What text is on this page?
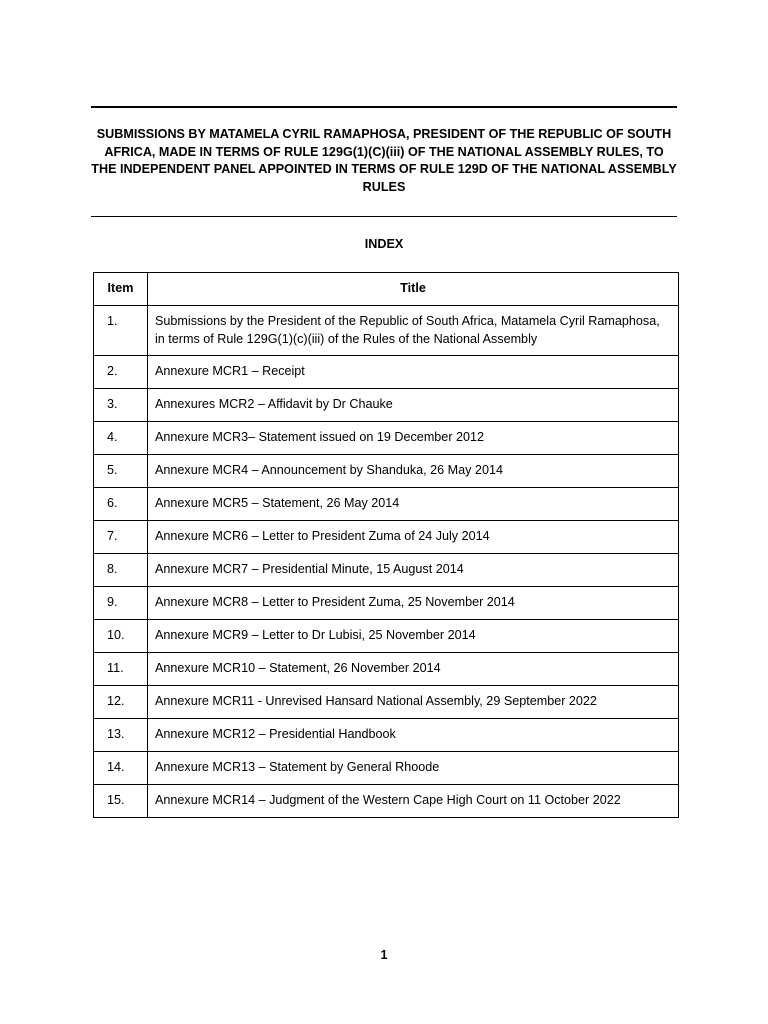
SUBMISSIONS BY MATAMELA CYRIL RAMAPHOSA, PRESIDENT OF THE REPUBLIC OF SOUTH AFRICA, MADE IN TERMS OF RULE 129G(1)(C)(iii) OF THE NATIONAL ASSEMBLY RULES, TO THE INDEPENDENT PANEL APPOINTED IN TERMS OF RULE 129D OF THE NATIONAL ASSEMBLY RULES
INDEX
Item	Title
1.	Submissions by the President of the Republic of South Africa, Matamela Cyril Ramaphosa, in terms of Rule 129G(1)(c)(iii) of the Rules of the National Assembly
2.	Annexure MCR1 – Receipt
3.	Annexures MCR2 – Affidavit by Dr Chauke
4.	Annexure MCR3– Statement issued on 19 December 2012
5.	Annexure MCR4 – Announcement by Shanduka, 26 May 2014
6.	Annexure MCR5 – Statement, 26 May 2014
7.	Annexure MCR6 – Letter to President Zuma of 24 July 2014
8.	Annexure MCR7 – Presidential Minute, 15 August 2014
9.	Annexure MCR8 – Letter to President Zuma, 25 November 2014
10.	Annexure MCR9 – Letter to Dr Lubisi, 25 November 2014
11.	Annexure MCR10 – Statement, 26 November 2014
12.	Annexure MCR11 - Unrevised Hansard National Assembly, 29 September 2022
13.	Annexure MCR12 – Presidential Handbook
14.	Annexure MCR13 – Statement by General Rhoode
15.	Annexure MCR14 – Judgment of the Western Cape High Court on 11 October 2022
1
